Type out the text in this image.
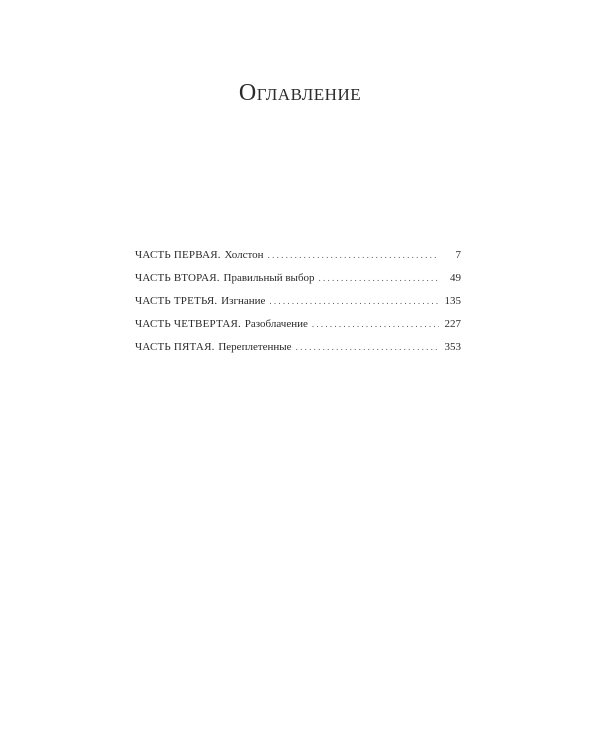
Оглавление
ЧАСТЬ ПЕРВАЯ . Холстон . . .	7
ЧАСТЬ ВТОРАЯ . Правильный выбор . . .	49
ЧАСТЬ ТРЕТЬЯ . Изгнание . . .	135
ЧАСТЬ ЧЕТВЕРТАЯ . Разоблачение . . .	227
ЧАСТЬ ПЯТАЯ . Переплетенные . . .	353
